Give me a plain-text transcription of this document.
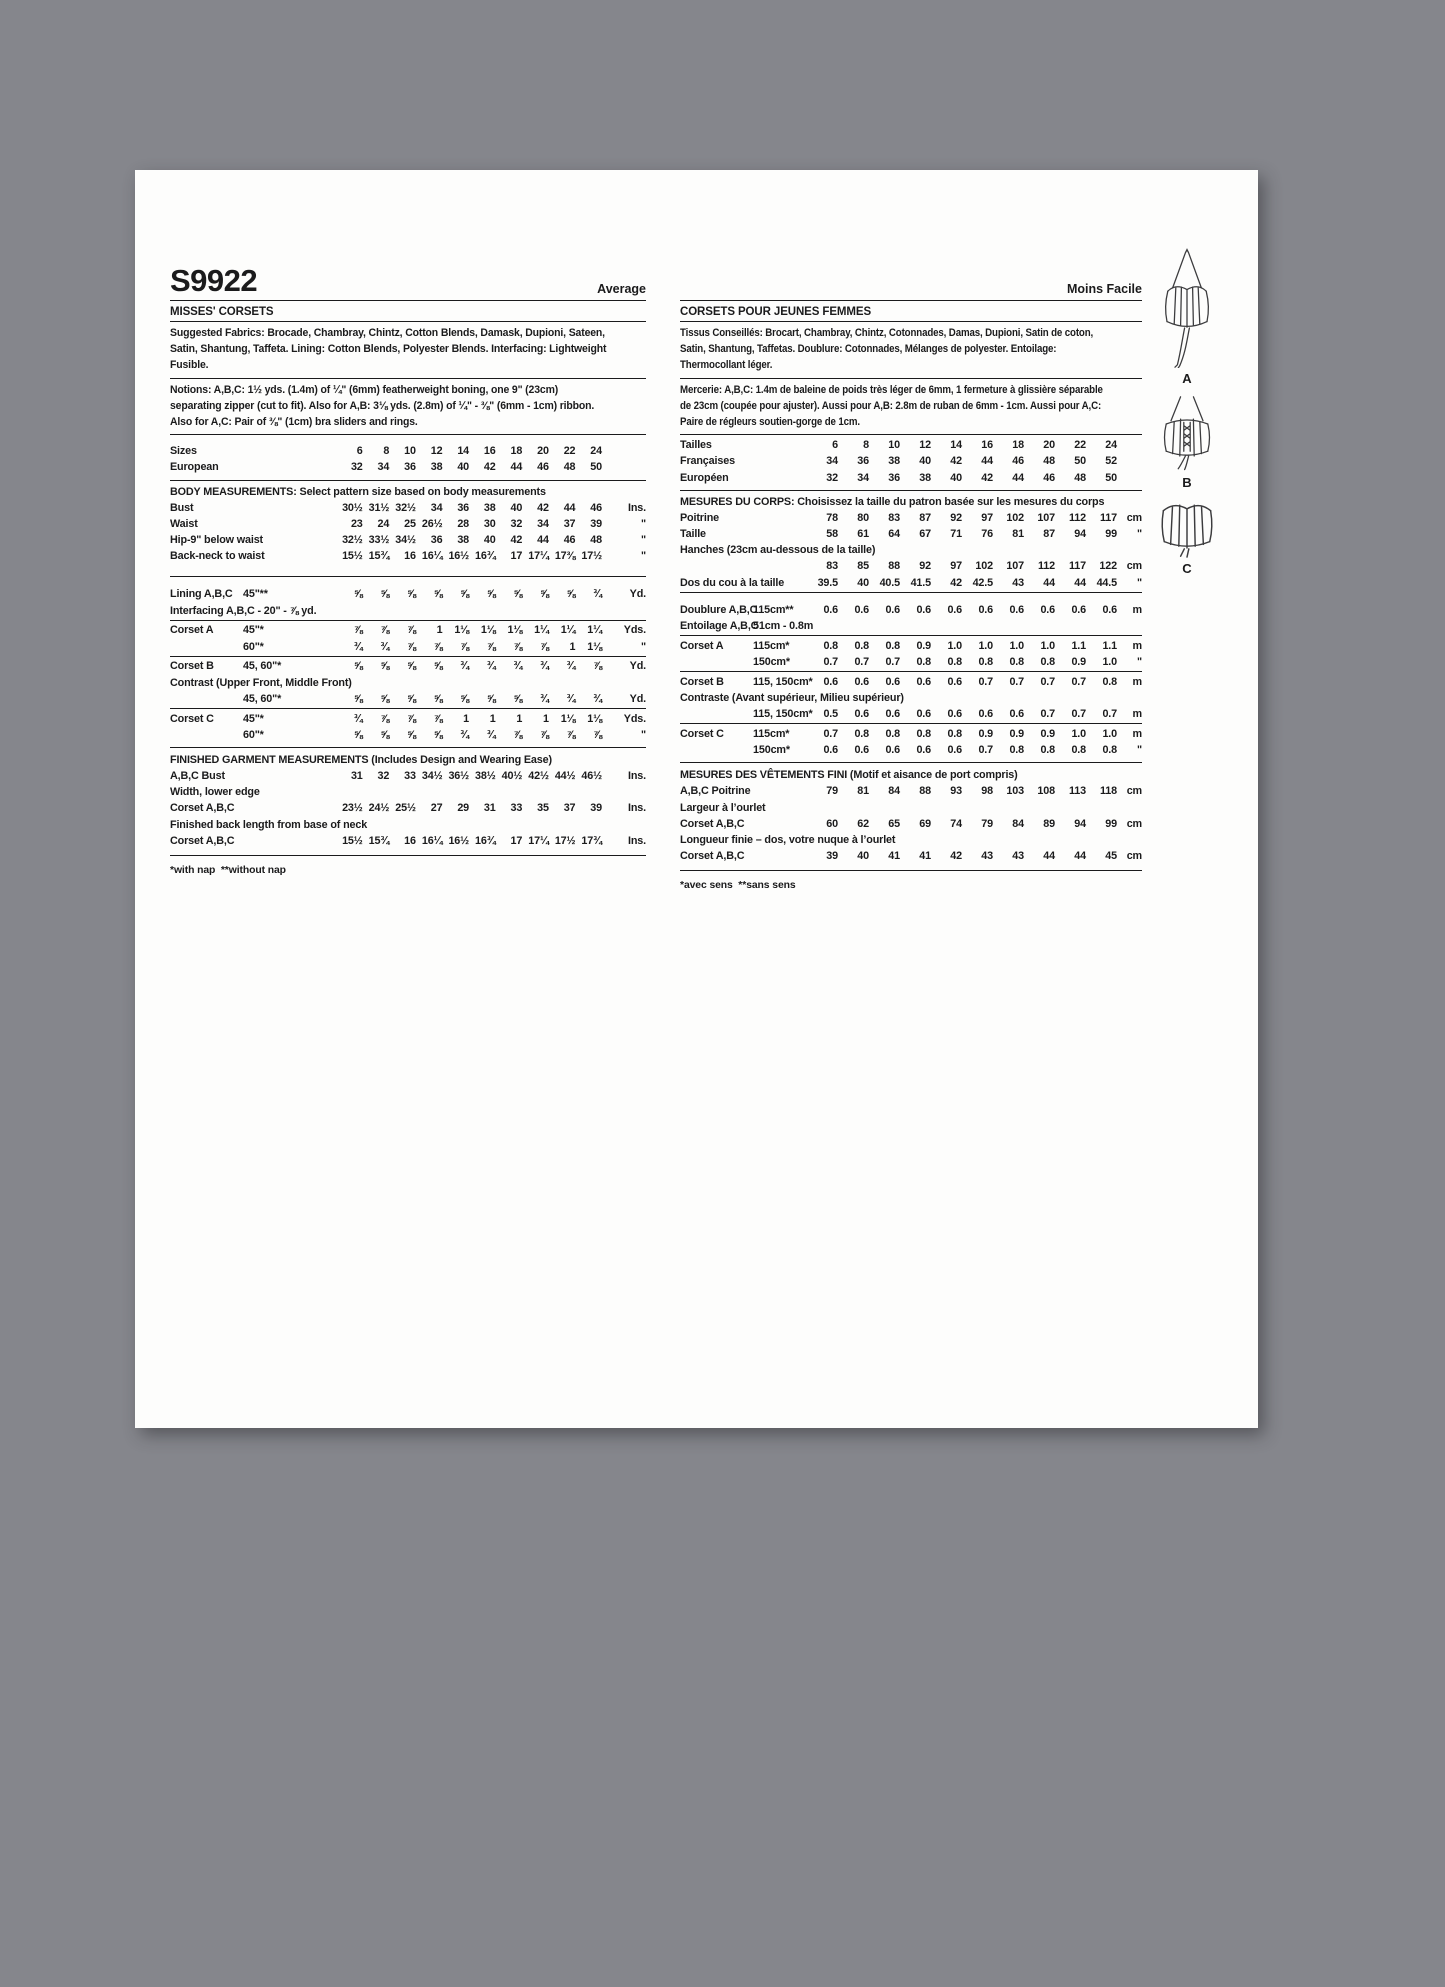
S9922	Average
MISSES' CORSETS
Suggested Fabrics: Brocade, Chambray, Chintz, Cotton Blends, Damask, Dupioni, Sateen,
Satin, Shantung, Taffeta. Lining: Cotton Blends, Polyester Blends. Interfacing: Lightweight
Fusible.
Notions: A,B,C: 1½ yds. (1.4m) of ¼" (6mm) featherweight boning, one 9" (23cm)
separating zipper (cut to fit). Also for A,B: 3⅛ yds. (2.8m) of ¼" - ⅜" (6mm - 1cm) ribbon.
Also for A,C: Pair of ⅜" (1cm) bra sliders and rings.
Sizes	6	8	10	12	14	16	18	20	22	24
European	32	34	36	38	40	42	44	46	48	50
BODY MEASUREMENTS: Select pattern size based on body measurements
Bust	30½ 31½ 32½	34	36	38	40	42	44	46	Ins.
Waist	23	24	25 26½	28	30	32	34	37	39	"
Hip-9" below waist	32½ 33½ 34½	36	38	40	42	44	46	48	"
Back-neck to waist	15½ 15¾	16 16¼ 16½ 16¾	17 17¼ 17⅜ 17½	"
Lining A,B,C 45"**	⅝	⅝	⅝	⅝	⅝	⅝	⅝	⅝	⅝	¾	Yd.
Interfacing A,B,C - 20" - ⅞ yd.
Corset A	45"*	⅞	⅞	⅞	1	1⅛	1⅛	1⅛	1¼	1¼	1¼	Yds.
60"*	¾	¾	⅞	⅞	⅞	⅞	⅞	⅞	1	1⅛	"
Corset B	45, 60"*	⅝	⅝	⅝	⅝	¾	¾	¾	¾	¾	⅞	Yd.
Contrast (Upper Front, Middle Front)
45, 60"*	⅝	⅝	⅝	⅝	⅝	⅝	⅝	¾	¾	¾	Yd.
Corset C	45"*	¾	⅞	⅞	⅞	1	1	1	1	1⅛	1⅛	Yds.
60"*	⅝	⅝	⅝	⅝	¾	¾	⅞	⅞	⅞	⅞	"
FINISHED GARMENT MEASUREMENTS (Includes Design and Wearing Ease)
A,B,C Bust	31	32	33 34½ 36½ 38½ 40½ 42½ 44½ 46½	Ins.
Width, lower edge
Corset A,B,C	23½ 24½ 25½	27	29	31	33	35	37	39	Ins.
Finished back length from base of neck
Corset A,B,C	15½ 15¾	16 16¼ 16½ 16¾	17 17¼ 17½ 17¾	Ins.
*with nap  **without nap
Moins Facile
CORSETS POUR JEUNES FEMMES
Tissus Conseillés: Brocart, Chambray, Chintz, Cotonnades, Damas, Dupioni, Satin de coton,
Satin, Shantung, Taffetas. Doublure: Cotonnades, Mélanges de polyester. Entoilage:
Thermocollant léger.
Mercerie: A,B,C: 1.4m de baleine de poids très léger de 6mm, 1 fermeture à glissière séparable
de 23cm (coupée pour ajuster). Aussi pour A,B: 2.8m de ruban de 6mm - 1cm. Aussi pour A,C:
Paire de régleurs soutien-gorge de 1cm.
Tailles	6	8	10	12	14	16	18	20	22	24
Françaises	34	36	38	40	42	44	46	48	50	52
Européen	32	34	36	38	40	42	44	46	48	50
MESURES DU CORPS: Choisissez la taille du patron basée sur les mesures du corps
Poitrine	78	80	83	87	92	97	102	107	112	117 cm
Taille	58	61	64	67	71	76	81	87	94	99	"
Hanches (23cm au-dessous de la taille)
83	85	88	92	97	102	107	112	117	122 cm
Dos du cou à la taille	39.5	40 40.5 41.5	42 42.5	43	44	44 44.5	"
Doublure A,B,C
115cm**	0.6	0.6	0.6	0.6	0.6	0.6	0.6	0.6	0.6	0.6	m
Entoilage A,B,C
51cm - 0.8m
Corset A	115cm*	0.8	0.8	0.8	0.9	1.0	1.0	1.0	1.0	1.1	1.1	m
150cm*	0.7	0.7	0.7	0.8	0.8	0.8	0.8	0.8	0.9	1.0	"
Corset B	115, 150cm*	0.6	0.6	0.6	0.6	0.6	0.7	0.7	0.7	0.7	0.8	m
Contraste (Avant supérieur, Milieu supérieur)
115, 150cm*	0.5	0.6	0.6	0.6	0.6	0.6	0.6	0.7	0.7	0.7	m
Corset C	115cm*	0.7	0.8	0.8	0.8	0.8	0.9	0.9	0.9	1.0	1.0	m
150cm*	0.6	0.6	0.6	0.6	0.6	0.7	0.8	0.8	0.8	0.8	"
MESURES DES VÊTEMENTS FINI (Motif et aisance de port compris)
A,B,C Poitrine	79	81	84	88	93	98	103	108	113	118 cm
Largeur à l’ourlet
Corset A,B,C	60	62	65	69	74	79	84	89	94	99 cm
Longueur finie – dos, votre nuque à l’ourlet
Corset A,B,C	39	40	41	41	42	43	43	44	44	45 cm
*avec sens  **sans sens
A
B
C
